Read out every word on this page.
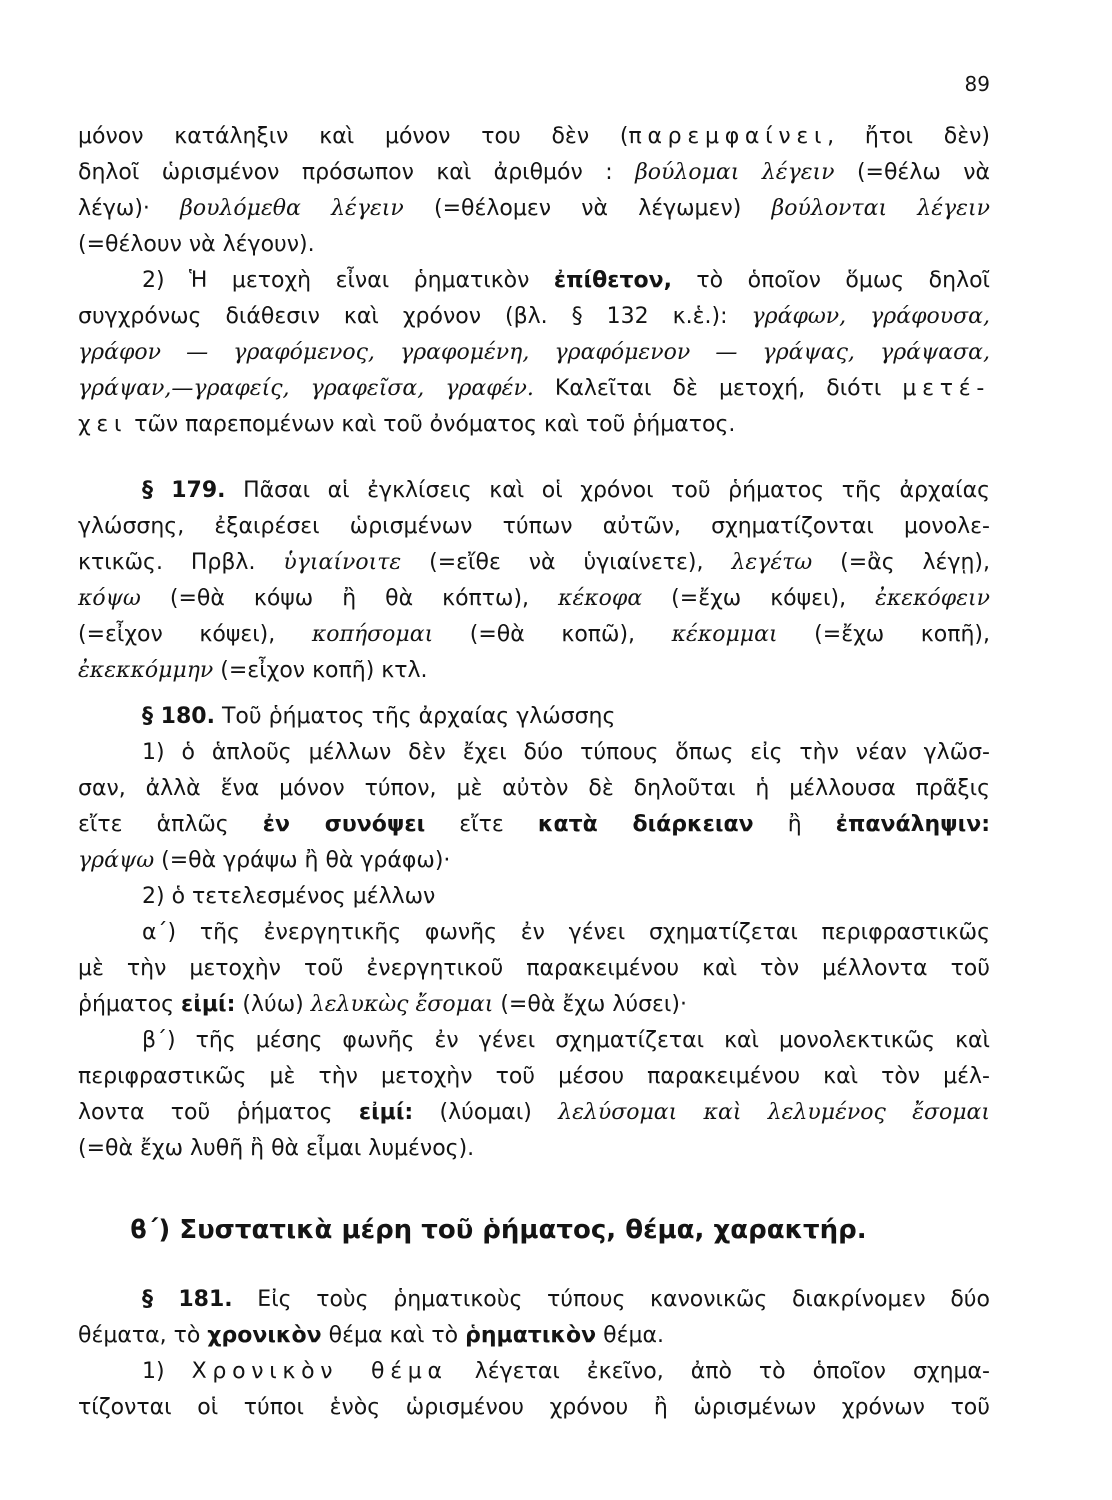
89
μόνον κατάληξιν καὶ μόνον του δὲν (παρεμφαίνει, ἤτοι δὲν)
δηλοῖ ὡρισμένον πρόσωπον καὶ ἀριθμόν : βούλομαι λέγειν (=θέλω νὰ
λέγω)· βουλόμεθα λέγειν (=θέλομεν νὰ λέγωμεν) βούλονται λέγειν
(=θέλουν νὰ λέγουν).
2) Ἡ μετοχὴ εἶναι ῥηματικὸν ἐπίθετον, τὸ ὁποῖον ὅμως δηλοῖ
συγχρόνως διάθεσιν καὶ χρόνον (βλ. § 132 κ.ἑ.): γράφων, γράφουσα,
γράφον — γραφόμενος, γραφομένη, γραφόμενον — γράψας, γράψασα,
γράψαν,—γραφείς, γραφεῖσα, γραφέν. Καλεῖται δὲ μετοχή, διότι μετέ-
χει τῶν παρεπομένων καὶ τοῦ ὀνόματος καὶ τοῦ ῥήματος.
§ 179. Πᾶσαι αἱ ἐγκλίσεις καὶ οἱ χρόνοι τοῦ ῥήματος τῆς ἀρχαίας
γλώσσης, ἐξαιρέσει ὡρισμένων τύπων αὐτῶν, σχηματίζονται μονολε-
κτικῶς. Πρβλ. ὑγιαίνοιτε (=εἴθε νὰ ὑγιαίνετε), λεγέτω (=ἂς λέγῃ),
κόψω (=θὰ κόψω ἢ θὰ κόπτω), κέκοφα (=ἔχω κόψει), ἐκεκόφειν
(=εἶχον κόψει), κοπήσομαι (=θὰ κοπῶ), κέκομμαι (=ἔχω κοπῆ),
ἐκεκκόμμην (=εἶχον κοπῆ) κτλ.
§ 180. Τοῦ ῥήματος τῆς ἀρχαίας γλώσσης
1) ὁ ἁπλοῦς μέλλων δὲν ἔχει δύο τύπους ὅπως εἰς τὴν νέαν γλῶσ-
σαν, ἀλλὰ ἕνα μόνον τύπον, μὲ αὐτὸν δὲ δηλοῦται ἡ μέλλουσα πρᾶξις
εἴτε ἁπλῶς ἐν συνόψει εἴτε κατὰ διάρκειαν ἢ ἐπανάληψιν:
γράψω (=θὰ γράψω ἢ θὰ γράφω)·
2) ὁ τετελεσμένος μέλλων
α΄) τῆς ἐνεργητικῆς φωνῆς ἐν γένει σχηματίζεται περιφραστικῶς
μὲ τὴν μετοχὴν τοῦ ἐνεργητικοῦ παρακειμένου καὶ τὸν μέλλοντα τοῦ
ῥήματος εἰμί: (λύω) λελυκὼς ἔσομαι (=θὰ ἔχω λύσει)·
β΄) τῆς μέσης φωνῆς ἐν γένει σχηματίζεται καὶ μονολεκτικῶς καὶ
περιφραστικῶς μὲ τὴν μετοχὴν τοῦ μέσου παρακειμένου καὶ τὸν μέλ-
λοντα τοῦ ῥήματος εἰμί: (λύομαι) λελύσομαι καὶ λελυμένος ἔσομαι
(=θὰ ἔχω λυθῆ ἢ θὰ εἶμαι λυμένος).
ϐ΄) Συστατικὰ μέρη τοῦ ῥήματος, θέμα, χαρακτήρ.
§ 181. Εἰς τοὺς ῥηματικοὺς τύπους κανονικῶς διακρίνομεν δύο
θέματα, τὸ χρονικὸν θέμα καὶ τὸ ῥηματικὸν θέμα.
1) Χρονικὸν θέμα λέγεται ἐκεῖνο, ἀπὸ τὸ ὁποῖον σχημα-
τίζονται οἱ τύποι ἑνὸς ὡρισμένου χρόνου ἢ ὡρισμένων χρόνων τοῦ
